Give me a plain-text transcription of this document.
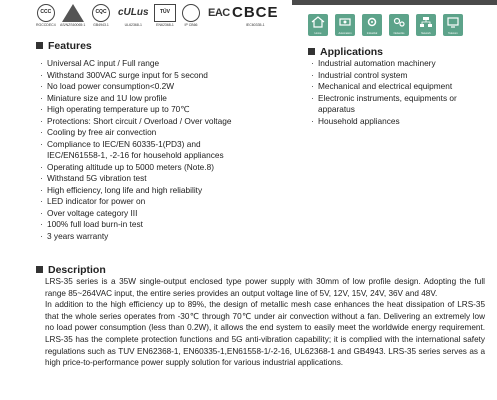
CCC
RGCCDEC4 AS/NZS60065:1
CQC
GB4943.1
cULus
UL62368-1
TÜV
EN62368-1	IP CB66
EAC CBCE
IEC60335-1
Home	Automation	Industrial	Networks	Network	Telecom
Features
· Universal AC input / Full range
· Withstand 300VAC surge input for 5 second
· No load power consumption<0.2W
· Miniature size and 1U low profile
· High operating temperature up to 70℃
· Protections: Short circuit / Overload / Over voltage
· Cooling by free air convection
· Compliance to IEC/EN 60335-1(PD3) and
IEC/EN61558-1, -2-16 for household appliances
· Operating altitude up to 5000 meters (Note.8)
· Withstand 5G vibration test
· High efficiency, long life and high reliability
· LED indicator for power on
· Over voltage category III
· 100% full load burn-in test
· 3 years warranty
Applications
· Industrial automation machinery
· Industrial control system
· Mechanical and electrical equipment
· Electronic instruments, equipments or
apparatus
· Household appliances
Description

LRS-35 series is a 35W single-output enclosed type power supply with 30mm of low profile design. Adopting the full range 85~264VAC input, the entire series provides an output voltage line of 5V, 12V, 15V, 24V, 36V and 48V.

In addition to the high efficiency up to 89%, the design of metallic mesh case enhances the heat dissipation of LRS-35 that the whole series operates from -30℃ through 70℃ under air convection without a fan. Delivering an extremely low no load power consumption (less than 0.2W), it allows the end system to easily meet the worldwide energy requirement. LRS-35 has the complete protection functions and 5G anti-vibration capability; it is complied with the international safety regulations such as TUV EN62368-1, EN60335-1,EN61558-1/-2-16, UL62368-1 and GB4943. LRS-35 series serves as a high price-to-performance power supply solution for various industrial applications.
